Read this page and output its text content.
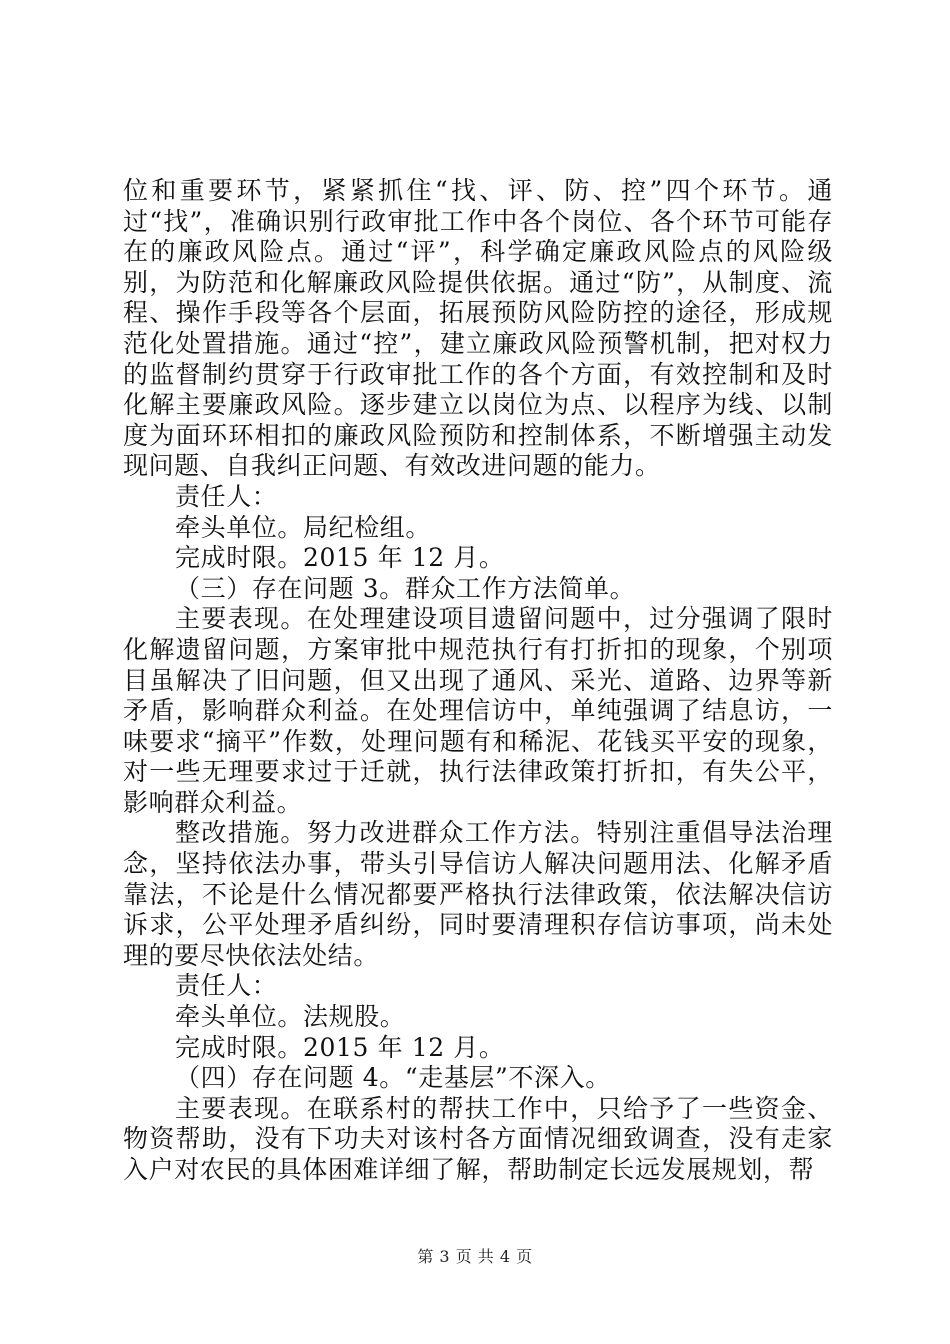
位和重要环节，紧紧抓住“找、评、防、控”四个环节。通过“找”，准确识别行政审批工作中各个岗位、各个环节可能存在的廉政风险点。通过“评”，科学确定廉政风险点的风险级别，为防范和化解廉政风险提供依据。通过“防”，从制度、流程、操作手段等各个层面，拓展预防风险防控的途径，形成规范化处置措施。通过“控”，建立廉政风险预警机制，把对权力的监督制约贯穿于行政审批工作的各个方面，有效控制和及时化解主要廉政风险。逐步建立以岗位为点、以程序为线、以制度为面环环相扣的廉政风险预防和控制体系，不断增强主动发现问题、自我纠正问题、有效改进问题的能力。

责任人：

牵头单位。局纪检组。

完成时限。2015 年 12 月。

（三）存在问题 3。群众工作方法简单。

主要表现。在处理建设项目遗留问题中，过分强调了限时化解遗留问题，方案审批中规范执行有打折扣的现象，个别项目虽解决了旧问题，但又出现了通风、采光、道路、边界等新矛盾，影响群众利益。在处理信访中，单纯强调了结息访，一味要求“摘平”作数，处理问题有和稀泥、花钱买平安的现象，对一些无理要求过于迁就，执行法律政策打折扣，有失公平，影响群众利益。

整改措施。努力改进群众工作方法。特别注重倡导法治理念，坚持依法办事，带头引导信访人解决问题用法、化解矛盾靠法，不论是什么情况都要严格执行法律政策，依法解决信访诉求，公平处理矛盾纠纷，同时要清理积存信访事项，尚未处理的要尽快依法处结。

责任人：

牵头单位。法规股。

完成时限。2015 年 12 月。

（四）存在问题 4。“走基层”不深入。

主要表现。在联系村的帮扶工作中，只给予了一些资金、物资帮助，没有下功夫对该村各方面情况细致调查，没有走家入户对农民的具体困难详细了解，帮助制定长远发展规划，帮

第 3 页 共 4 页
